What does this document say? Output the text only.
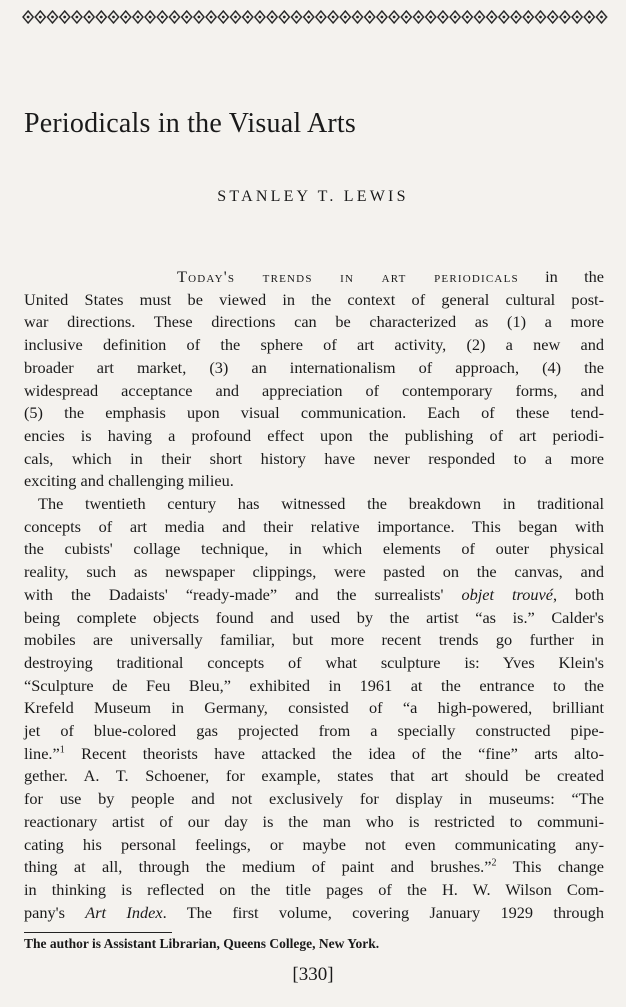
Periodicals in the Visual Arts
STANLEY T. LEWIS
Today's trends in art periodicals in the
United States must be viewed in the context of general cultural post-
war directions. These directions can be characterized as (1) a more
inclusive definition of the sphere of art activity, (2) a new and
broader art market, (3) an internationalism of approach, (4) the
widespread acceptance and appreciation of contemporary forms, and
(5) the emphasis upon visual communication. Each of these tend-
encies is having a profound effect upon the publishing of art periodi-
cals, which in their short history have never responded to a more
exciting and challenging milieu.
The twentieth century has witnessed the breakdown in traditional
concepts of art media and their relative importance. This began with
the cubists' collage technique, in which elements of outer physical
reality, such as newspaper clippings, were pasted on the canvas, and
with the Dadaists' “ready-made” and the surrealists' objet trouvé, both
being complete objects found and used by the artist “as is.” Calder's
mobiles are universally familiar, but more recent trends go further in
destroying traditional concepts of what sculpture is: Yves Klein's
“Sculpture de Feu Bleu,” exhibited in 1961 at the entrance to the
Krefeld Museum in Germany, consisted of “a high-powered, brilliant
jet of blue-colored gas projected from a specially constructed pipe-
line.”$^1$ Recent theorists have attacked the idea of the “fine” arts alto-
gether. A. T. Schoener, for example, states that art should be created
for use by people and not exclusively for display in museums: “The
reactionary artist of our day is the man who is restricted to communi-
cating his personal feelings, or maybe not even communicating any-
thing at all, through the medium of paint and brushes.”$^2$ This change
in thinking is reflected on the title pages of the H. W. Wilson Com-
pany's Art Index. The first volume, covering January 1929 through

The author is Assistant Librarian, Queens College, New York.

[330]
